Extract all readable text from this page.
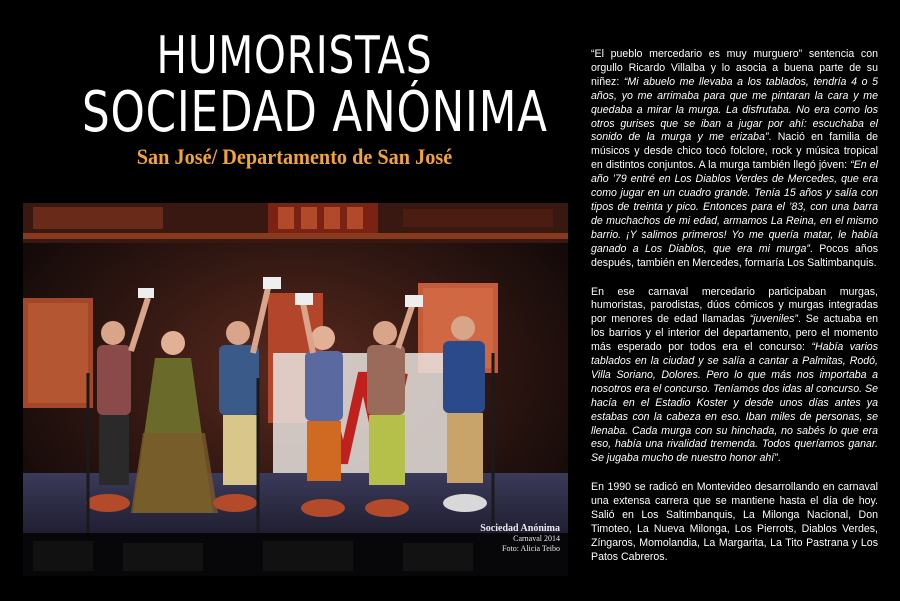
HUMORISTAS
SOCIEDAD ANÓNIMA
San José/ Departamento de San José
Sociedad Anónima
Carnaval 2014
Foto: Alicia Teibo

“El pueblo mercedario es muy murguero” sentencia con orgullo Ricardo Villalba y lo asocia a buena parte de su niñez: “Mi abuelo me llevaba a los tablados, tendría 4 o 5 años, yo me arrimaba para que me pintaran la cara y me quedaba a mirar la murga. La disfrutaba. No era como los otros gurises que se iban a jugar por ahí: escuchaba el sonido de la murga y me erizaba”. Nació en familia de músicos y desde chico tocó folclore, rock y música tropical en distintos conjuntos. A la murga también llegó jóven: “En el año ’79 entré en Los Diablos Verdes de Mercedes, que era como jugar en un cuadro grande. Tenía 15 años y salía con tipos de treinta y pico. Entonces para el ’83, con una barra de muchachos de mi edad, armamos La Reina, en el mismo barrio. ¡Y salimos primeros! Yo me quería matar, le había ganado a Los Diablos, que era mi murga”. Pocos años después, también en Mercedes, formaría Los Saltimbanquis.

En ese carnaval mercedario participaban murgas, humoristas, parodistas, dúos cómicos y murgas integradas por menores de edad llamadas “juveniles”. Se actuaba en los barrios y el interior del departamento, pero el momento más esperado por todos era el concurso: “Había varios tablados en la ciudad y se salía a cantar a Palmitas, Rodó, Villa Soriano, Dolores. Pero lo que más nos importaba a nosotros era el concurso. Teníamos dos idas al concurso. Se hacía en el Estadio Koster y desde unos días antes ya estabas con la cabeza en eso. Iban miles de personas, se llenaba. Cada murga con su hinchada, no sabés lo que era eso, había una rivalidad tremenda. Todos queríamos ganar. Se jugaba mucho de nuestro honor ahí”.

En 1990 se radicó en Montevideo desarrollando en carnaval una extensa carrera que se mantiene hasta el día de hoy. Salió en Los Saltimbanquis, La Milonga Nacional, Don Timoteo, La Nueva Milonga, Los Pierrots, Diablos Verdes, Zíngaros, Momolandia, La Margarita, La Tito Pastrana y Los Patos Cabreros.
